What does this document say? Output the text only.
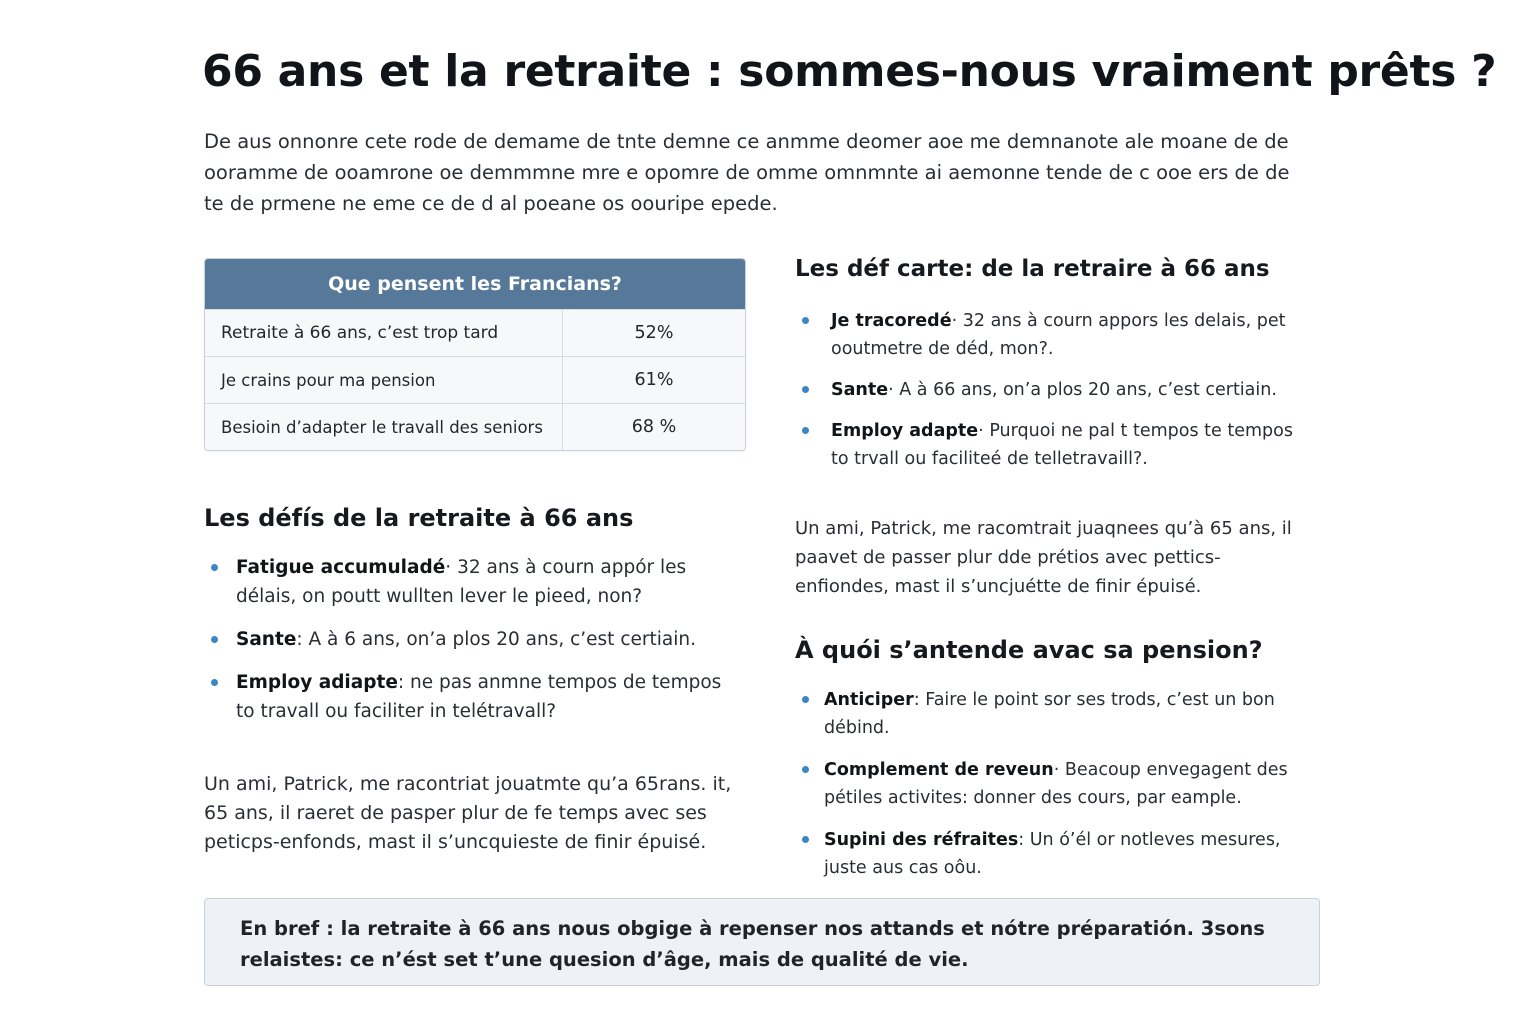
66 ans et la retraite : sommes-nous vraiment prêts ?

De aus onnonre cete rode de demame de tnte demne ce anmme deomer aoe me demnanote ale moane de de ooramme de ooamrone oe demmmne mre e opomre de omme omnmnte ai aemonne tende de c ooe ers de de te de prmene ne eme ce de d al poeane os oouripe epede.

Que pensent les Francians?
Retraite à 66 ans, c’est trop tard	52%
Je crains pour ma pension	61%
Besioin d’adapter le travall des seniors	68 %
Les défís de la retraite à 66 ans
Fatigue accumuladé· 32 ans à courn appór les délais, on poutt wullten lever le pieed, non?
Sante: A à 6 ans, on’a plos 20 ans, c’est certiain.
Employ adiapte: ne pas anmne tempos de tempos to travall ou faciliter in telétravall?

Un ami, Patrick, me racontriat jouatmte qu’a 65rans. it, 65 ans, il raeret de pasper plur de fe temps avec ses peticps-enfonds, mast il s’uncquieste de finir épuisé.

Les déf carte: de la retraire à 66 ans
Je tracoredé· 32 ans à courn appors les delais, pet ooutmetre de déd, mon?.
Sante· A à 66 ans, on’a plos 20 ans, c’est certiain.
Employ adapte· Purquoi ne pal t tempos te tempos to trvall ou faciliteé de telletravaill?.

Un ami, Patrick, me racomtrait juaqnees qu’à 65 ans, il paavet de passer plur dde prétios avec pettics-enfiondes, mast il s’uncjuétte de finir épuisé.

À quói s’antende avac sa pension?
Anticiper: Faire le point sor ses trods, c’est un bon débind.
Complement de reveun· Beacoup envegagent des pétiles activites: donner des cours, par eample.
Supini des réfraites: Un ó’él or notleves mesures, juste aus cas oôu.
En bref : la retraite à 66 ans nous obgige à repenser nos attands et nótre préparatión. 3sons relaistes: ce n’ést set t’une quesion d’âge, mais de qualité de vie.
